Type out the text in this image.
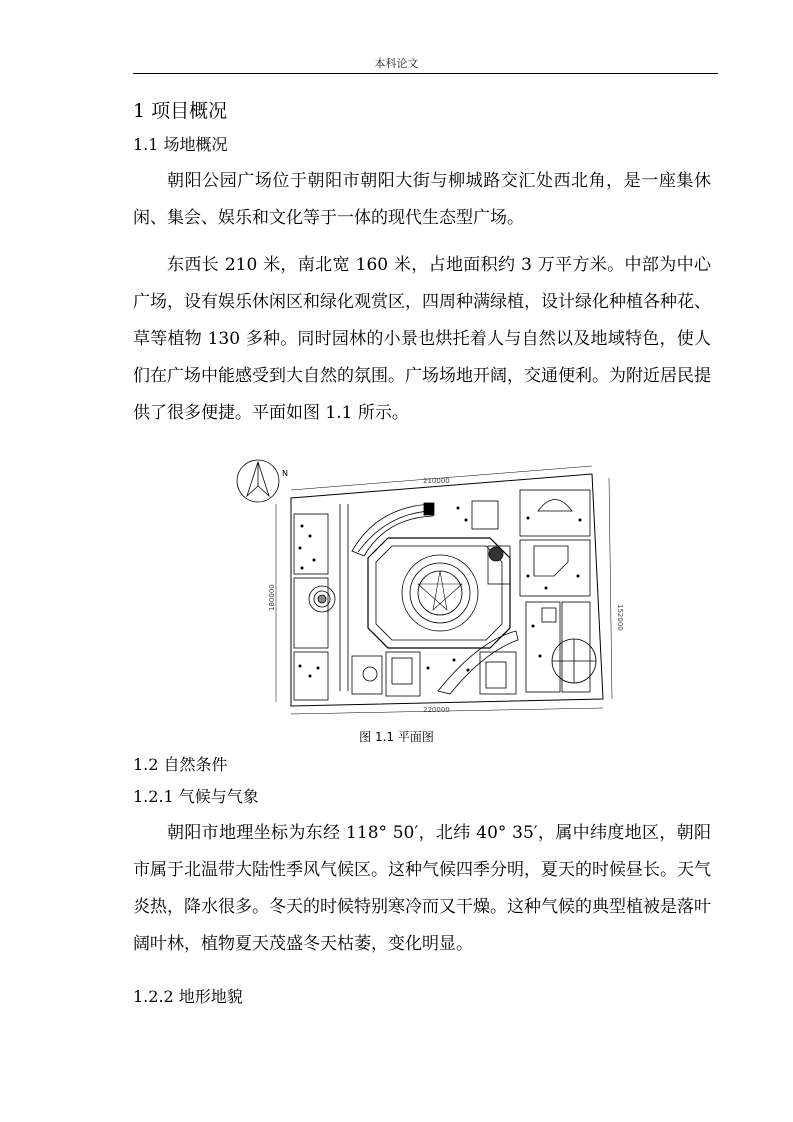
本科论文
1 项目概况
1.1 场地概况

朝阳公园广场位于朝阳市朝阳大街与柳城路交汇处西北角，是一座集休闲、集会、娱乐和文化等于一体的现代生态型广场。

东西长 210 米，南北宽 160 米，占地面积约 3 万平方米。中部为中心广场，设有娱乐休闲区和绿化观赏区，四周种满绿植，设计绿化种植各种花、草等植物 130 多种。同时园林的小景也烘托着人与自然以及地域特色，使人们在广场中能感受到大自然的氛围。广场场地开阔，交通便利。为附近居民提供了很多便捷。平面如图 1.1 所示。

N
210000
180000
220000
152000
图 1.1 平面图
1.2 自然条件
1.2.1 气候与气象

朝阳市地理坐标为东经 118° 50′，北纬 40° 35′，属中纬度地区，朝阳市属于北温带大陆性季风气候区。这种气候四季分明，夏天的时候昼长。天气炎热，降水很多。冬天的时候特别寒冷而又干燥。这种气候的典型植被是落叶阔叶林，植物夏天茂盛冬天枯萎，变化明显。

1.2.2 地形地貌
